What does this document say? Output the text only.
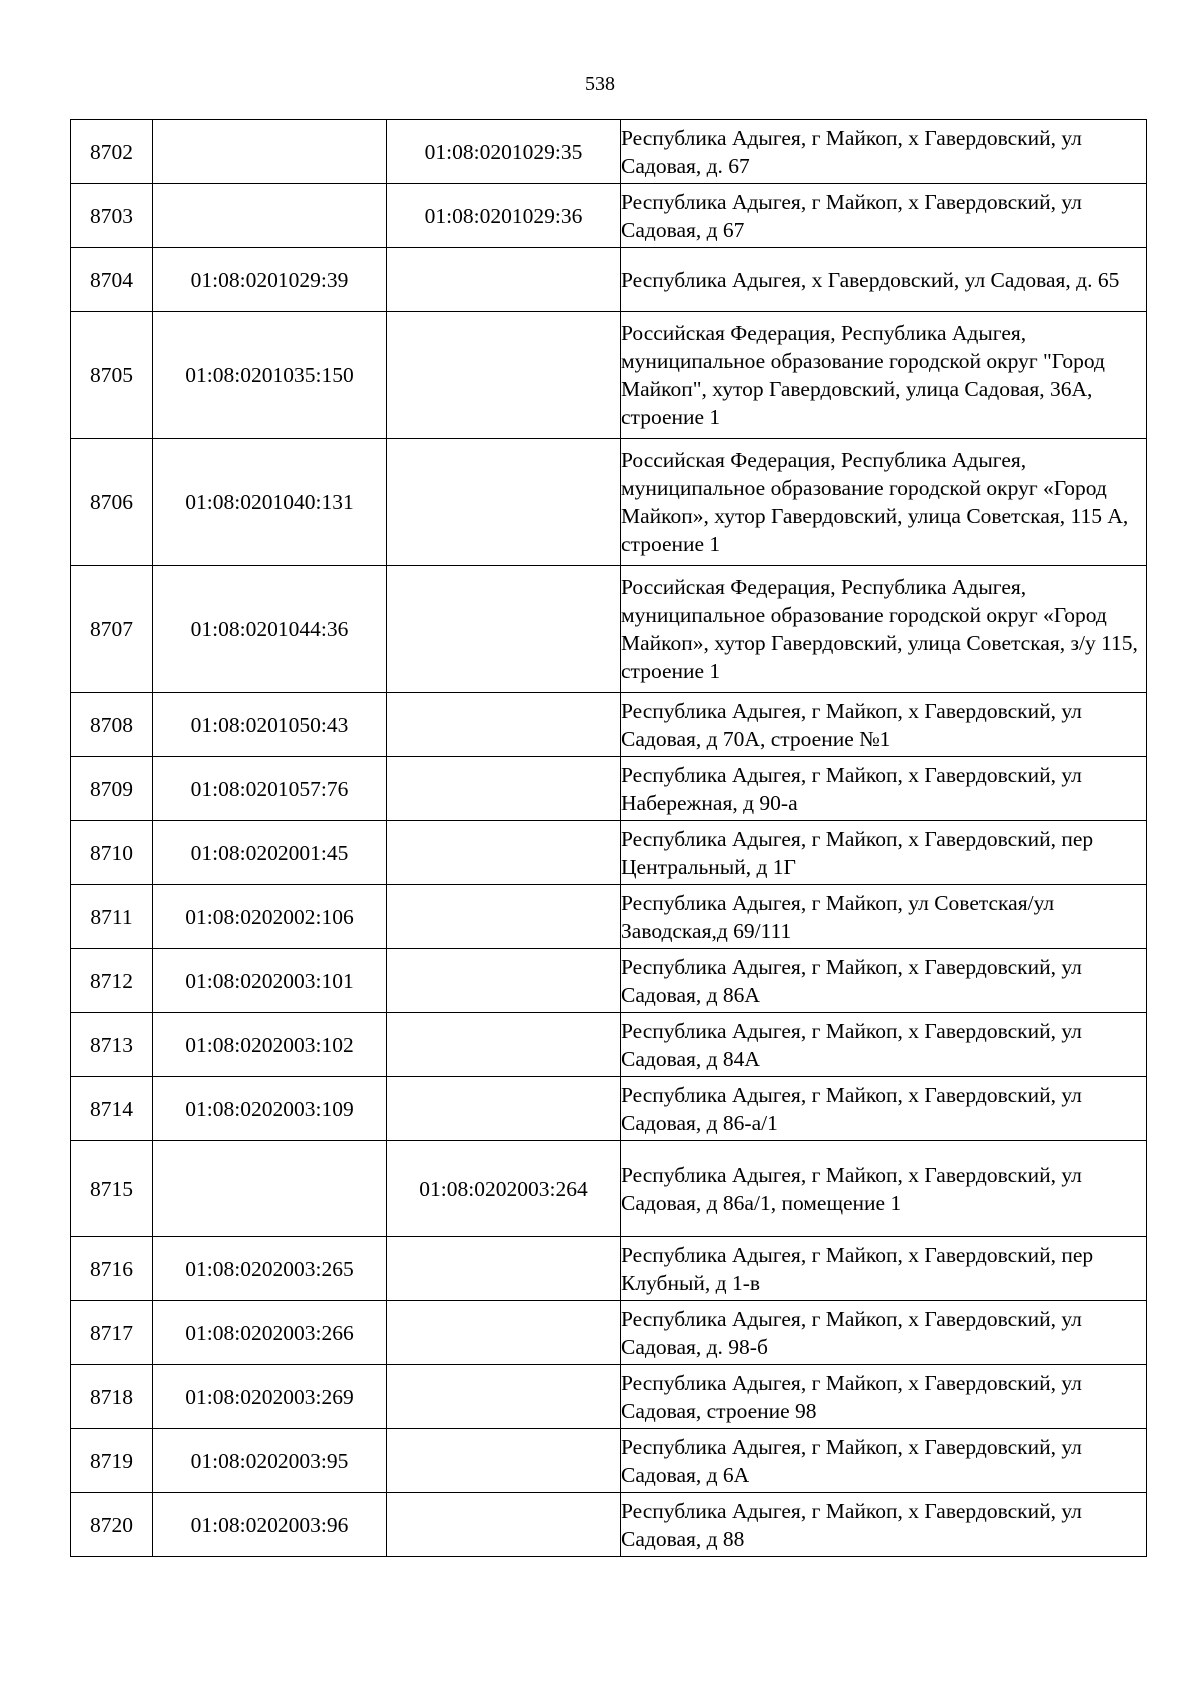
538
8702		01:08:0201029:35	Республика Адыгея, г Майкоп, х Гавердовский, ул Садовая, д. 67
8703		01:08:0201029:36	Республика Адыгея, г Майкоп, х Гавердовский, ул Садовая, д 67
8704	01:08:0201029:39		Республика Адыгея, х Гавердовский, ул Садовая, д. 65
8705	01:08:0201035:150		Российская Федерация, Республика Адыгея, муниципальное образование городской округ "Город Майкоп", хутор Гавердовский, улица Садовая, 36А, строение 1
8706	01:08:0201040:131		Российская Федерация, Республика Адыгея, муниципальное образование городской округ «Город Майкоп», хутор Гавердовский, улица Советская, 115 А, строение 1
8707	01:08:0201044:36		Российская Федерация, Республика Адыгея, муниципальное образование городской округ «Город Майкоп», хутор Гавердовский, улица Советская, з/у 115, строение 1
8708	01:08:0201050:43		Республика Адыгея, г Майкоп, х Гавердовский, ул Садовая, д 70А, строение №1
8709	01:08:0201057:76		Республика Адыгея, г Майкоп, х Гавердовский, ул Набережная, д 90-а
8710	01:08:0202001:45		Республика Адыгея, г Майкоп, х Гавердовский, пер Центральный, д 1Г
8711	01:08:0202002:106		Республика Адыгея, г Майкоп, ул Советская/ул Заводская,д 69/111
8712	01:08:0202003:101		Республика Адыгея, г Майкоп, х Гавердовский, ул Садовая, д 86А
8713	01:08:0202003:102		Республика Адыгея, г Майкоп, х Гавердовский, ул Садовая, д 84А
8714	01:08:0202003:109		Республика Адыгея, г Майкоп, х Гавердовский, ул Садовая, д 86-а/1
8715		01:08:0202003:264	Республика Адыгея, г Майкоп, х Гавердовский, ул Садовая, д 86а/1, помещение 1
8716	01:08:0202003:265		Республика Адыгея, г Майкоп, х Гавердовский, пер Клубный, д 1-в
8717	01:08:0202003:266		Республика Адыгея, г Майкоп, х Гавердовский, ул Садовая, д. 98-б
8718	01:08:0202003:269		Республика Адыгея, г Майкоп, х Гавердовский, ул Садовая, строение 98
8719	01:08:0202003:95		Республика Адыгея, г Майкоп, х Гавердовский, ул Садовая, д 6А
8720	01:08:0202003:96		Республика Адыгея, г Майкоп, х Гавердовский, ул Садовая, д 88
